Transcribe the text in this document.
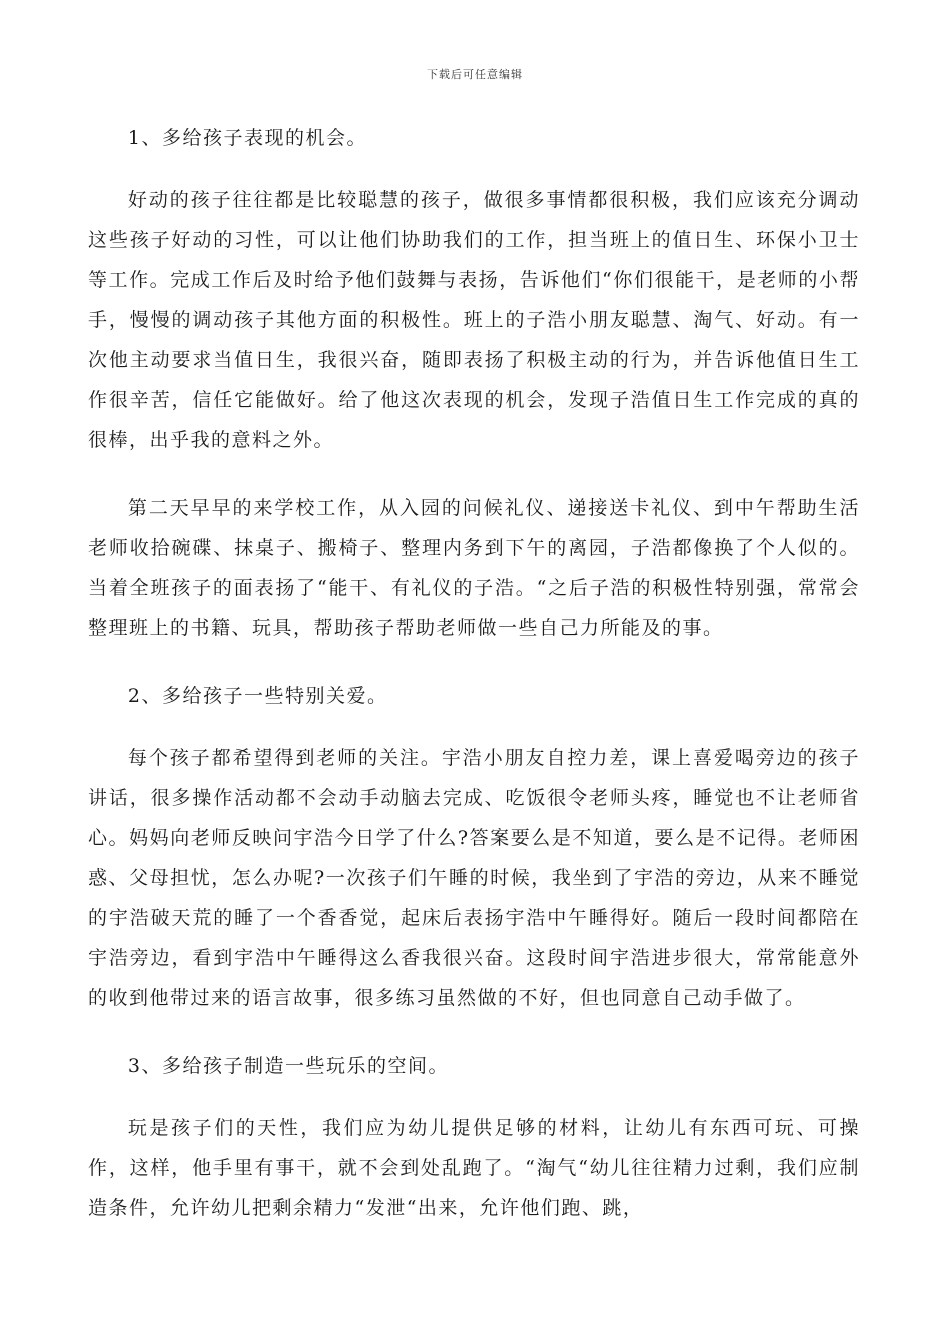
下载后可任意编辑

1、多给孩子表现的机会。

好动的孩子往往都是比较聪慧的孩子，做很多事情都很积极，我们应该充分调动这些孩子好动的习性，可以让他们协助我们的工作，担当班上的值日生、环保小卫士等工作。完成工作后及时给予他们鼓舞与表扬，告诉他们“你们很能干，是老师的小帮手，慢慢的调动孩子其他方面的积极性。班上的子浩小朋友聪慧、淘气、好动。有一次他主动要求当值日生，我很兴奋，随即表扬了积极主动的行为，并告诉他值日生工作很辛苦，信任它能做好。给了他这次表现的机会，发现子浩值日生工作完成的真的很棒，出乎我的意料之外。

第二天早早的来学校工作，从入园的问候礼仪、递接送卡礼仪、到中午帮助生活老师收拾碗碟、抹桌子、搬椅子、整理内务到下午的离园，子浩都像换了个人似的。当着全班孩子的面表扬了“能干、有礼仪的子浩。“之后子浩的积极性特别强，常常会整理班上的书籍、玩具，帮助孩子帮助老师做一些自己力所能及的事。

2、多给孩子一些特别关爱。

每个孩子都希望得到老师的关注。宇浩小朋友自控力差，课上喜爱喝旁边的孩子讲话，很多操作活动都不会动手动脑去完成、吃饭很令老师头疼，睡觉也不让老师省心。妈妈向老师反映问宇浩今日学了什么?答案要么是不知道，要么是不记得。老师困惑、父母担忧，怎么办呢?一次孩子们午睡的时候，我坐到了宇浩的旁边，从来不睡觉的宇浩破天荒的睡了一个香香觉，起床后表扬宇浩中午睡得好。随后一段时间都陪在宇浩旁边，看到宇浩中午睡得这么香我很兴奋。这段时间宇浩进步很大，常常能意外的收到他带过来的语言故事，很多练习虽然做的不好，但也同意自己动手做了。

3、多给孩子制造一些玩乐的空间。

玩是孩子们的天性，我们应为幼儿提供足够的材料，让幼儿有东西可玩、可操作，这样，他手里有事干，就不会到处乱跑了。“淘气“幼儿往往精力过剩，我们应制造条件，允许幼儿把剩余精力“发泄“出来，允许他们跑、跳，
